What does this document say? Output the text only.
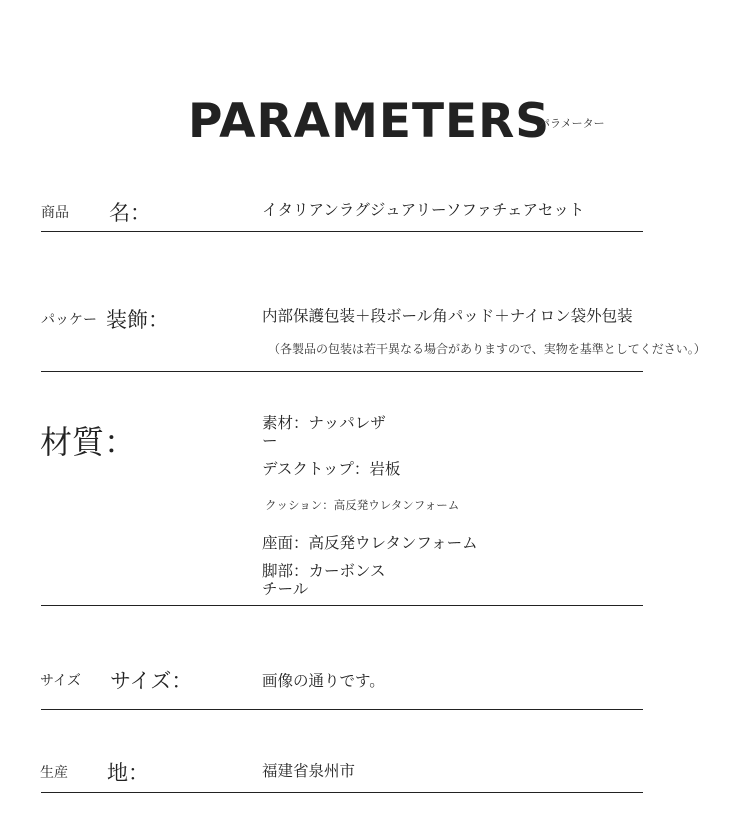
PARAMETERS
パラメーター
商品 名：	イタリアンラグジュアリーソファチェアセット
パッケー 装飾：	内部保護包装＋段ボール角パッド＋ナイロン袋外包装
（各製品の包装は若干異なる場合がありますので、実物を基準としてください。）
材質：	素材：ナッパレザー
デスクトップ：岩板
クッション：高反発ウレタンフォーム
座面：高反発ウレタンフォーム
脚部：カーボンスチール
サイズ サイズ：	画像の通りです。
生産 地：	福建省泉州市
